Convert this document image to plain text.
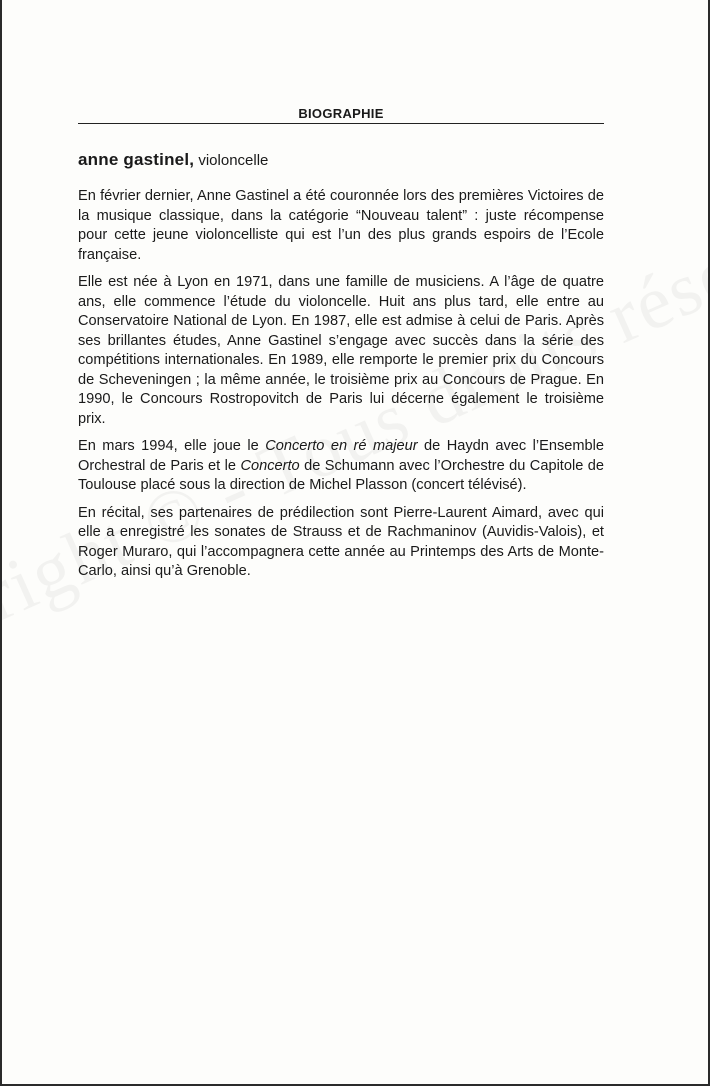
BIOGRAPHIE

anne gastinel, violoncelle

En février dernier, Anne Gastinel a été couronnée lors des premières Victoires de la musique classique, dans la catégorie “Nouveau talent” : juste récompense pour cette jeune violoncelliste qui est l’un des plus grands espoirs de l’Ecole française.

Elle est née à Lyon en 1971, dans une famille de musiciens. A l’âge de quatre ans, elle commence l’étude du violoncelle. Huit ans plus tard, elle entre au Conservatoire National de Lyon. En 1987, elle est admise à celui de Paris. Après ses brillantes études, Anne Gastinel s’engage avec succès dans la série des compétitions internationales. En 1989, elle remporte le premier prix du Concours de Scheveningen ; la même année, le troisième prix au Concours de Prague. En 1990, le Concours Rostropovitch de Paris lui décerne également le troisième prix.

En mars 1994, elle joue le Concerto en ré majeur de Haydn avec l’Ensemble Orchestral de Paris et le Concerto de Schumann avec l’Orchestre du Capitole de Toulouse placé sous la direction de Michel Plasson (concert télévisé).

En récital, ses partenaires de prédilection sont Pierre-Laurent Aimard, avec qui elle a enregistré les sonates de Strauss et de Rachmaninov (Auvidis-Valois), et Roger Muraro, qui l’accompagnera cette année au Printemps des Arts de Monte-Carlo, ainsi qu’à Grenoble.
